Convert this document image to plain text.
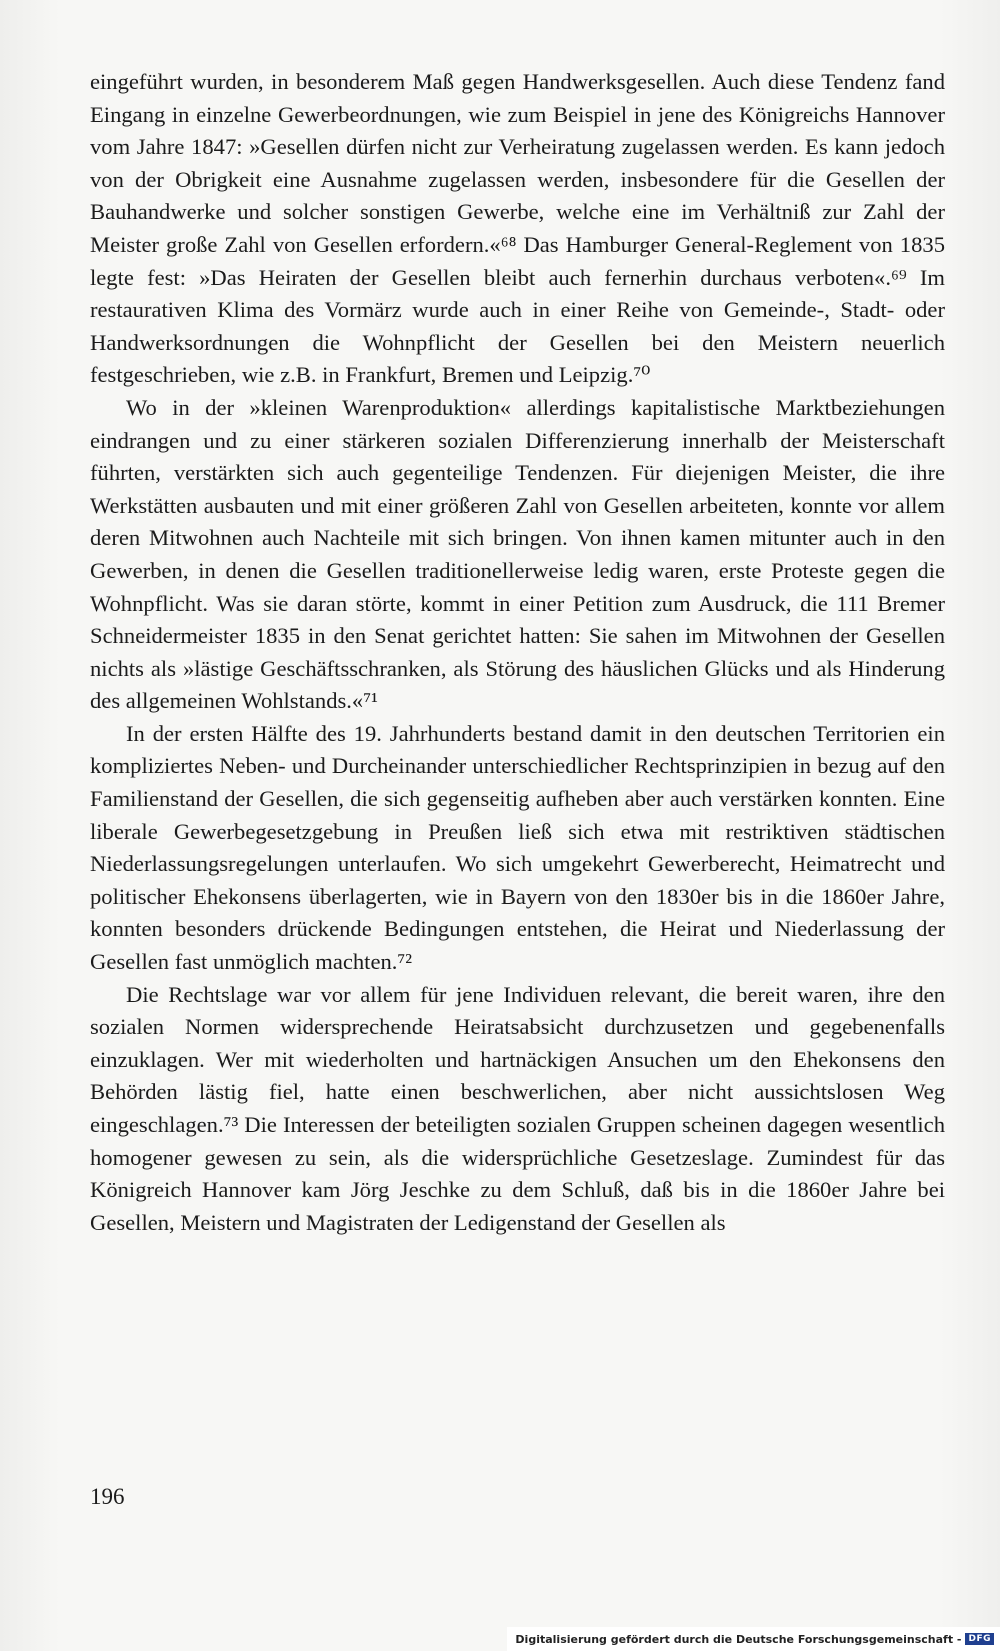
eingeführt wurden, in besonderem Maß gegen Handwerksgesellen. Auch diese Tendenz fand Eingang in einzelne Gewerbeordnungen, wie zum Beispiel in jene des Königreichs Hannover vom Jahre 1847: »Gesellen dürfen nicht zur Verheiratung zugelassen werden. Es kann jedoch von der Obrigkeit eine Ausnahme zugelassen werden, insbesondere für die Gesellen der Bauhandwerke und solcher sonstigen Gewerbe, welche eine im Verhältniß zur Zahl der Meister große Zahl von Gesellen erfordern.«⁶⁸ Das Hamburger General-Reglement von 1835 legte fest: »Das Heiraten der Gesellen bleibt auch fernerhin durchaus verboten«.⁶⁹ Im restaurativen Klima des Vormärz wurde auch in einer Reihe von Gemeinde-, Stadt- oder Handwerksordnungen die Wohnpflicht der Gesellen bei den Meistern neuerlich festgeschrieben, wie z.B. in Frankfurt, Bremen und Leipzig.⁷⁰

Wo in der »kleinen Warenproduktion« allerdings kapitalistische Marktbeziehungen eindrangen und zu einer stärkeren sozialen Differenzierung innerhalb der Meisterschaft führten, verstärkten sich auch gegenteilige Tendenzen. Für diejenigen Meister, die ihre Werkstätten ausbauten und mit einer größeren Zahl von Gesellen arbeiteten, konnte vor allem deren Mitwohnen auch Nachteile mit sich bringen. Von ihnen kamen mitunter auch in den Gewerben, in denen die Gesellen traditionellerweise ledig waren, erste Proteste gegen die Wohnpflicht. Was sie daran störte, kommt in einer Petition zum Ausdruck, die 111 Bremer Schneidermeister 1835 in den Senat gerichtet hatten: Sie sahen im Mitwohnen der Gesellen nichts als »lästige Geschäftsschranken, als Störung des häuslichen Glücks und als Hinderung des allgemeinen Wohlstands.«⁷¹

In der ersten Hälfte des 19. Jahrhunderts bestand damit in den deutschen Territorien ein kompliziertes Neben- und Durcheinander unterschiedlicher Rechtsprinzipien in bezug auf den Familienstand der Gesellen, die sich gegenseitig aufheben aber auch verstärken konnten. Eine liberale Gewerbegesetzgebung in Preußen ließ sich etwa mit restriktiven städtischen Niederlassungsregelungen unterlaufen. Wo sich umgekehrt Gewerberecht, Heimatrecht und politischer Ehekonsens überlagerten, wie in Bayern von den 1830er bis in die 1860er Jahre, konnten besonders drückende Bedingungen entstehen, die Heirat und Niederlassung der Gesellen fast unmöglich machten.⁷²

Die Rechtslage war vor allem für jene Individuen relevant, die bereit waren, ihre den sozialen Normen widersprechende Heiratsabsicht durchzusetzen und gegebenenfalls einzuklagen. Wer mit wiederholten und hartnäckigen Ansuchen um den Ehekonsens den Behörden lästig fiel, hatte einen beschwerlichen, aber nicht aussichtslosen Weg eingeschlagen.⁷³ Die Interessen der beteiligten sozialen Gruppen scheinen dagegen wesentlich homogener gewesen zu sein, als die widersprüchliche Gesetzeslage. Zumindest für das Königreich Hannover kam Jörg Jeschke zu dem Schluß, daß bis in die 1860er Jahre bei Gesellen, Meistern und Magistraten der Ledigenstand der Gesellen als

196
Digitalisierung gefördert durch die Deutsche Forschungsgemeinschaft - DFG
